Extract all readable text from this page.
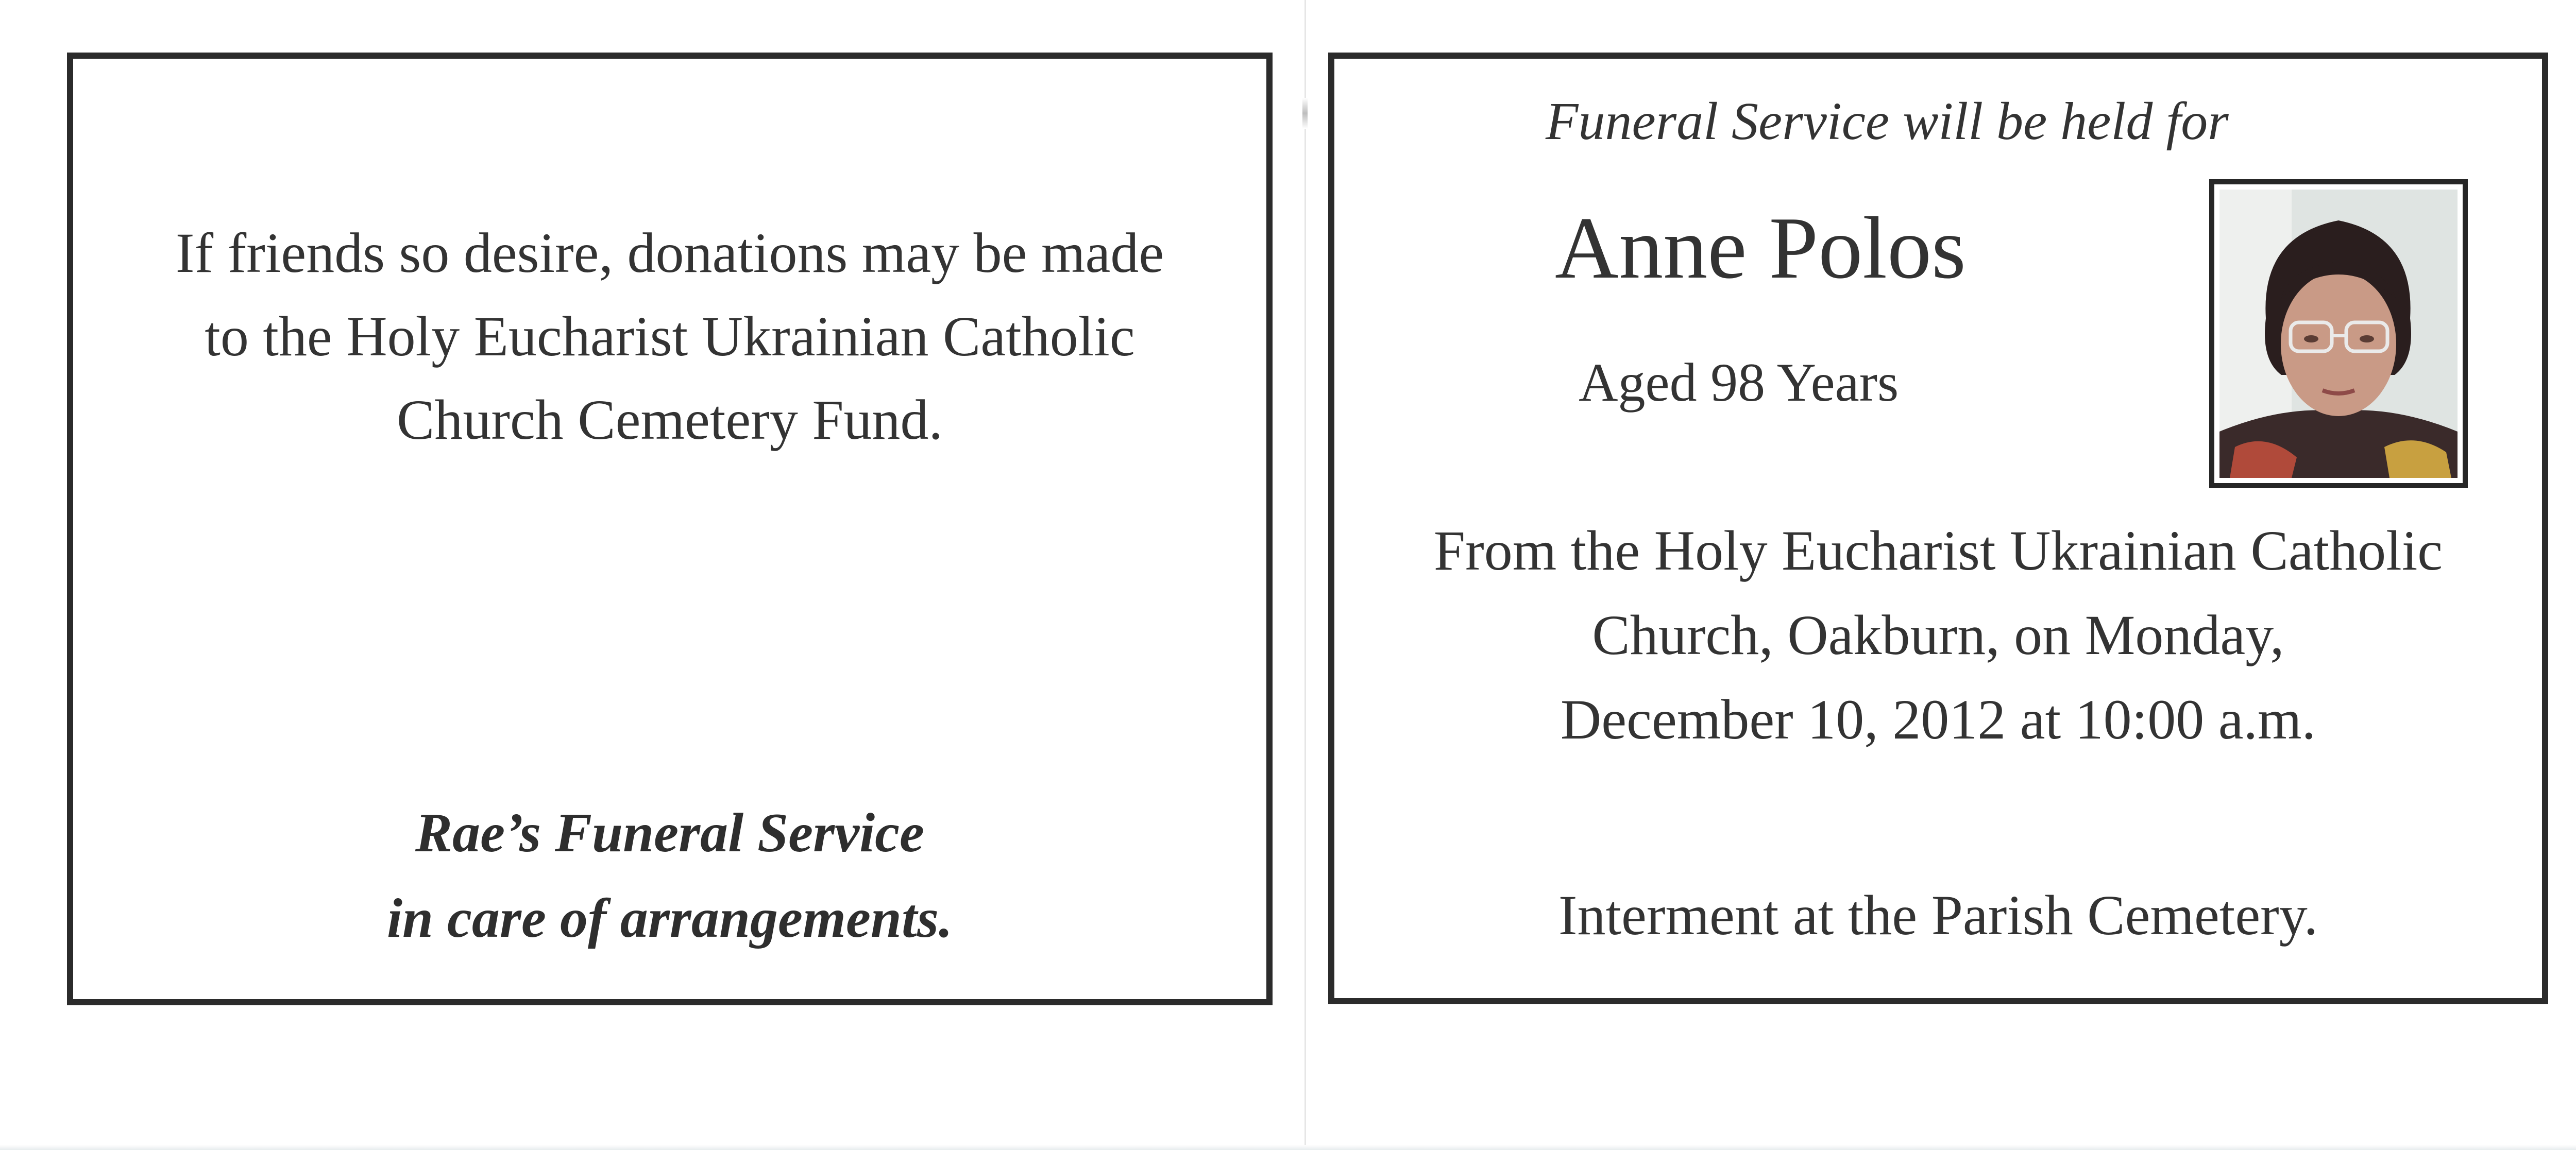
If friends so desire, donations may be made
to the Holy Eucharist Ukrainian Catholic
Church Cemetery Fund.
Rae’s Funeral Service
in care of arrangements.
Funeral Service will be held for
Anne Polos
Aged 98 Years
From the Holy Eucharist Ukrainian Catholic
Church, Oakburn, on Monday,
December 10, 2012 at 10:00 a.m.
Interment at the Parish Cemetery.
